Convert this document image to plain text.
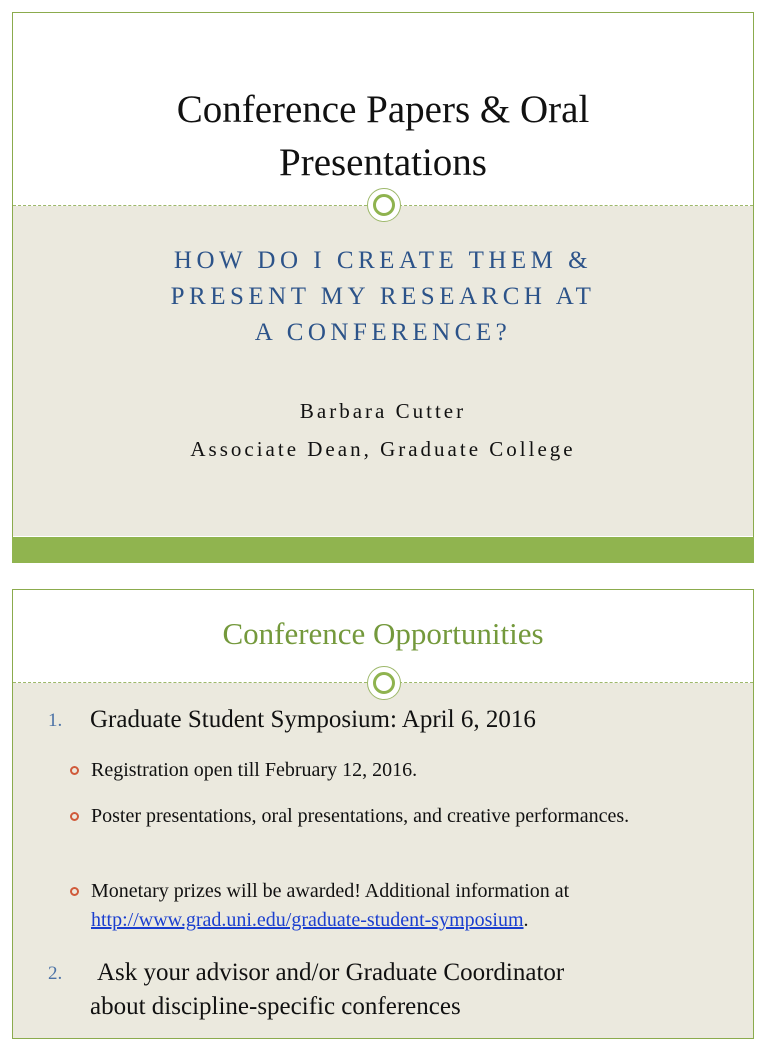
Conference Papers & Oral
Presentations
HOW DO I CREATE THEM &
PRESENT MY RESEARCH AT
A CONFERENCE?
Barbara Cutter
Associate Dean, Graduate College
Conference Opportunities
1. Graduate Student Symposium: April 6, 2016
Registration open till February 12, 2016.
Poster presentations, oral presentations, and creative performances.
Monetary prizes will be awarded! Additional information at http://www.grad.uni.edu/graduate-student-symposium.
2. Ask your advisor and/or Graduate Coordinator
about discipline-specific conferences
